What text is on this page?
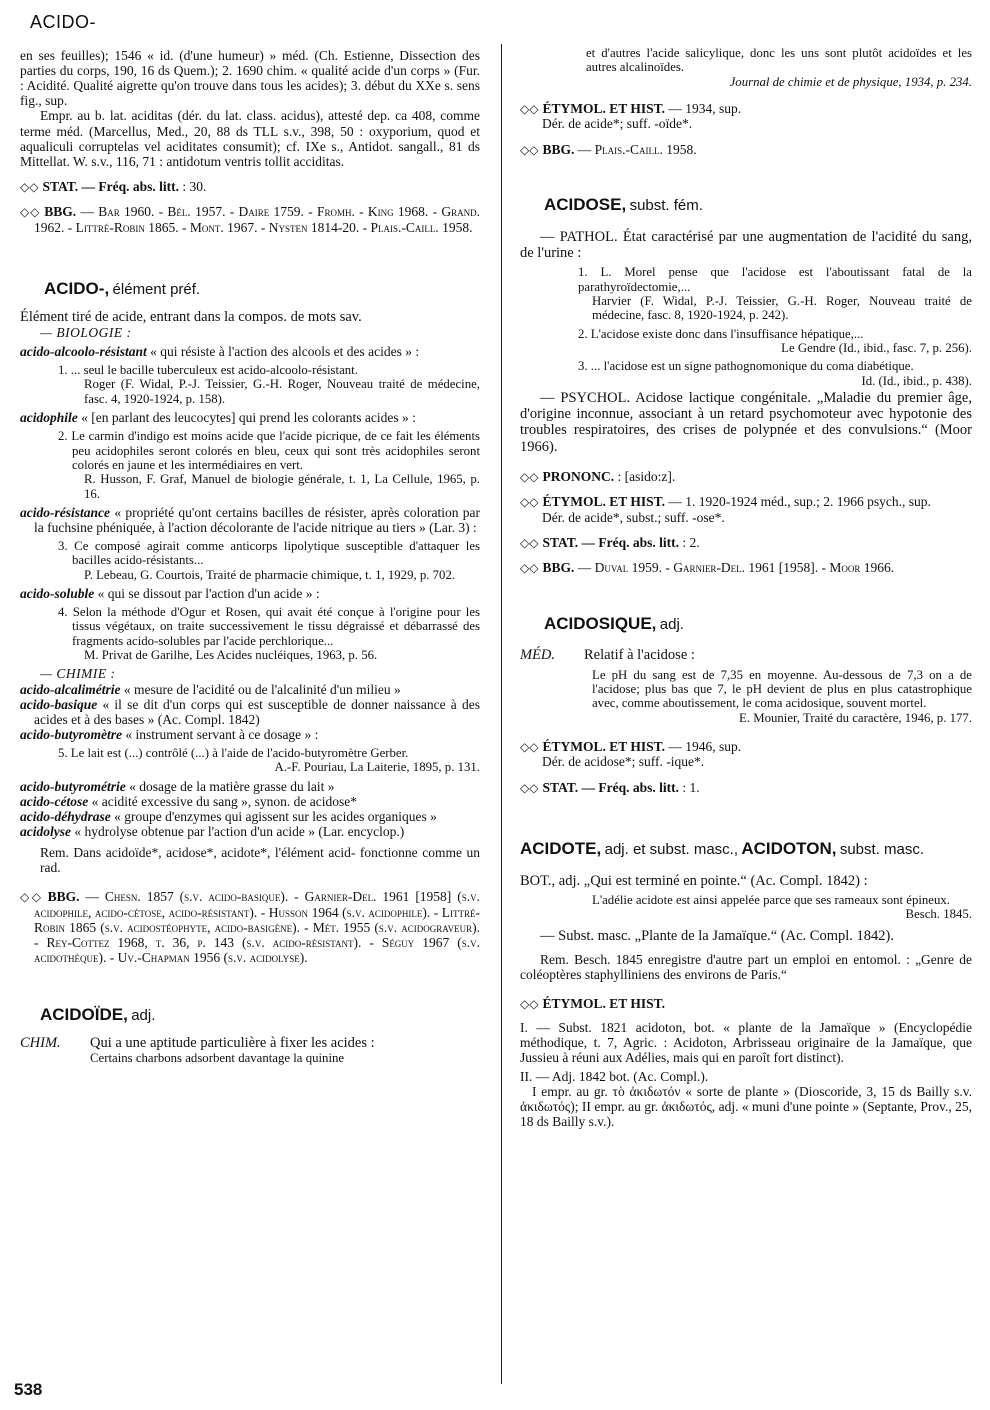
ACIDO-

en ses feuilles); 1546 « id. (d'une humeur) » méd. (Ch. Estienne, Dissection des parties du corps, 190, 16 ds Quem.); 2. 1690 chim. « qualité acide d'un corps » (Fur. : Acidité. Qualité aigrette qu'on trouve dans tous les acides); 3. début du XXe s. sens fig., sup.

Empr. au b. lat. aciditas (dér. du lat. class. acidus), attesté dep. ca 408, comme terme méd. (Marcellus, Med., 20, 88 ds TLL s.v., 398, 50 : oxyporium, quod et aqualiculi corruptelas vel aciditates consumit); cf. IXe s., Antidot. sangall., 81 ds Mittellat. W. s.v., 116, 71 : antidotum ventris tollit acciditas.

◇◇ STAT. — Fréq. abs. litt. : 30.

◇◇ BBG. — Bar 1960. - Bél. 1957. - Daire 1759. - Fromh. - King 1968. - Grand. 1962. - Littré-Robin 1865. - Mont. 1967. - Nysten 1814-20. - Plais.-Caill. 1958.

ACIDO-, élément préf.

Élément tiré de acide, entrant dans la compos. de mots sav.

— BIOLOGIE :

acido-alcoolo-résistant « qui résiste à l'action des alcools et des acides » :

1. ... seul le bacille tuberculeux est acido-alcoolo-résistant.

Roger (F. Widal, P.-J. Teissier, G.-H. Roger, Nouveau traité de médecine, fasc. 4, 1920-1924, p. 158).

acidophile « [en parlant des leucocytes] qui prend les colorants acides » :

2. Le carmin d'indigo est moins acide que l'acide picrique, de ce fait les éléments peu acidophiles seront colorés en bleu, ceux qui sont très acidophiles seront colorés en jaune et les intermédiaires en vert.

R. Husson, F. Graf, Manuel de biologie générale, t. 1, La Cellule, 1965, p. 16.

acido-résistance « propriété qu'ont certains bacilles de résister, après coloration par la fuchsine phéniquée, à l'action décolorante de l'acide nitrique au tiers » (Lar. 3) :

3. Ce composé agirait comme anticorps lipolytique susceptible d'attaquer les bacilles acido-résistants...

P. Lebeau, G. Courtois, Traité de pharmacie chimique, t. 1, 1929, p. 702.

acido-soluble « qui se dissout par l'action d'un acide » :

4. Selon la méthode d'Ogur et Rosen, qui avait été conçue à l'origine pour les tissus végétaux, on traite successivement le tissu dégraissé et débarrassé des fragments acido-solubles par l'acide perchlorique...

M. Privat de Garilhe, Les Acides nucléiques, 1963, p. 56.

— CHIMIE :

acido-alcalimétrie « mesure de l'acidité ou de l'alcalinité d'un milieu »

acido-basique « il se dit d'un corps qui est susceptible de donner naissance à des acides et à des bases » (Ac. Compl. 1842)

acido-butyromètre « instrument servant à ce dosage » :

5. Le lait est (...) contrôlé (...) à l'aide de l'acido-butyromètre Gerber.

A.-F. Pouriau, La Laiterie, 1895, p. 131.

acido-butyrométrie « dosage de la matière grasse du lait »

acido-cétose « acidité excessive du sang », synon. de acidose*

acido-déhydrase « groupe d'enzymes qui agissent sur les acides organiques »

acidolyse « hydrolyse obtenue par l'action d'un acide » (Lar. encyclop.)

Rem. Dans acidoïde*, acidose*, acidote*, l'élément acid- fonctionne comme un rad.

◇◇ BBG. — Chesn. 1857 (s.v. acido-basique). - Garnier-Del. 1961 [1958] (s.v. acidophile, acido-cétose, acido-résistant). - Husson 1964 (s.v. acidophile). - Littré-Robin 1865 (s.v. acidostéophyte, acido-basigène). - Mét. 1955 (s.v. acidograveur). - Rey-Cottez 1968, t. 36, p. 143 (s.v. acido-résistant). - Séguy 1967 (s.v. acidothèque). - Uv.-Chapman 1956 (s.v. acidolyse).

ACIDOÏDE, adj.

CHIM.	Qui a une aptitude particulière à fixer les acides :

Certains charbons adsorbent davantage la quinine

et d'autres l'acide salicylique, donc les uns sont plutôt acidoïdes et les autres alcalinoïdes.

Journal de chimie et de physique, 1934, p. 234.

◇◇ ÉTYMOL. ET HIST. — 1934, sup.

Dér. de acide*; suff. -oïde*.

◇◇ BBG. — Plais.-Caill. 1958.

ACIDOSE, subst. fém.

— PATHOL. État caractérisé par une augmentation de l'acidité du sang, de l'urine :

1. L. Morel pense que l'acidose est l'aboutissant fatal de la parathyroïdectomie,...

Harvier (F. Widal, P.-J. Teissier, G.-H. Roger, Nouveau traité de médecine, fasc. 8, 1920-1924, p. 242).

2. L'acidose existe donc dans l'insuffisance hépatique,...

Le Gendre (Id., ibid., fasc. 7, p. 256).

3. ... l'acidose est un signe pathognomonique du coma diabétique.

Id. (Id., ibid., p. 438).

— PSYCHOL. Acidose lactique congénitale. „Maladie du premier âge, d'origine inconnue, associant à un retard psychomoteur avec hypotonie des troubles respiratoires, des crises de polypnée et des convulsions.“ (Moor 1966).

◇◇ PRONONC. : [asido:z].

◇◇ ÉTYMOL. ET HIST. — 1. 1920-1924 méd., sup.; 2. 1966 psych., sup.

Dér. de acide*, subst.; suff. -ose*.

◇◇ STAT. — Fréq. abs. litt. : 2.

◇◇ BBG. — Duval 1959. - Garnier-Del. 1961 [1958]. - Moor 1966.

ACIDOSIQUE, adj.

MÉD.	Relatif à l'acidose :

Le pH du sang est de 7,35 en moyenne. Au-dessous de 7,3 on a de l'acidose; plus bas que 7, le pH devient de plus en plus catastrophique avec, comme aboutissement, le coma acidosique, souvent mortel.

E. Mounier, Traité du caractère, 1946, p. 177.

◇◇ ÉTYMOL. ET HIST. — 1946, sup.

Dér. de acidose*; suff. -ique*.

◇◇ STAT. — Fréq. abs. litt. : 1.

ACIDOTE, adj. et subst. masc., ACIDOTON, subst. masc.

BOT., adj. „Qui est terminé en pointe.“ (Ac. Compl. 1842) :

L'adélie acidote est ainsi appelée parce que ses rameaux sont épineux.

Besch. 1845.

— Subst. masc. „Plante de la Jamaïque.“ (Ac. Compl. 1842).

Rem. Besch. 1845 enregistre d'autre part un emploi en entomol. : „Genre de coléoptères staphylliniens des environs de Paris.“

◇◇ ÉTYMOL. ET HIST.

I. — Subst. 1821 acidoton, bot. « plante de la Jamaïque » (Encyclopédie méthodique, t. 7, Agric. : Acidoton, Arbrisseau originaire de la Jamaïque, que Jussieu à réuni aux Adélies, mais qui en paroît fort distinct).

II. — Adj. 1842 bot. (Ac. Compl.).

I empr. au gr. τὸ ἀκιδωτόν « sorte de plante » (Dioscoride, 3, 15 ds Bailly s.v. ἀκιδωτός); II empr. au gr. ἀκιδωτός, adj. « muni d'une pointe » (Septante, Prov., 25, 18 ds Bailly s.v.).

538
